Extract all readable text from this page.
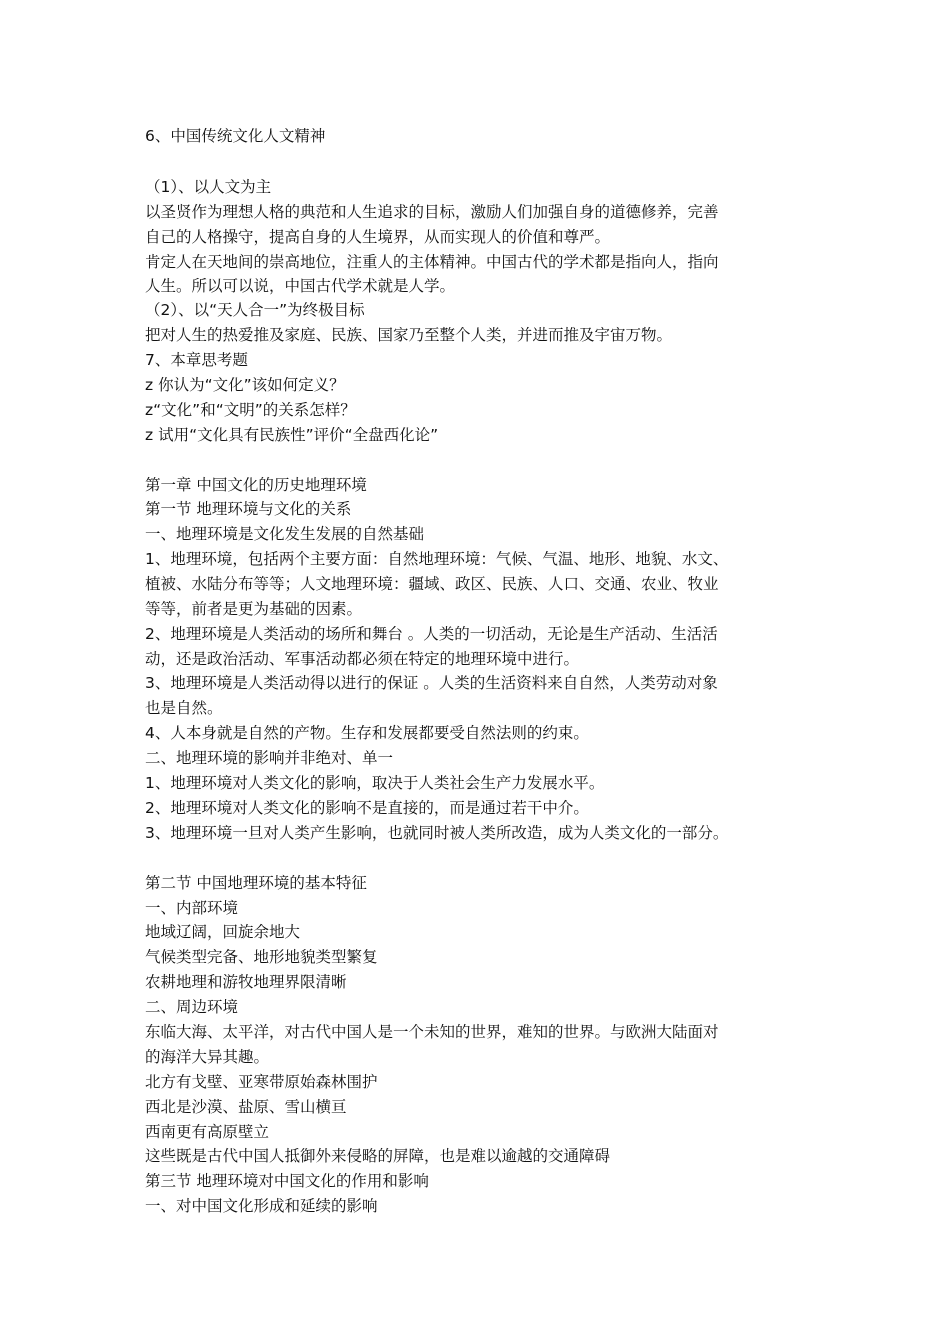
6、中国传统文化人文精神
（1）、以人文为主
以圣贤作为理想人格的典范和人生追求的目标，激励人们加强自身的道德修养，完善
自己的人格操守，提高自身的人生境界，从而实现人的价值和尊严。
肯定人在天地间的崇高地位，注重人的主体精神。中国古代的学术都是指向人，指向
人生。所以可以说，中国古代学术就是人学。
（2）、以“天人合一”为终极目标
把对人生的热爱推及家庭、民族、国家乃至整个人类，并进而推及宇宙万物。
7、本章思考题
z 你认为“文化”该如何定义？
z“文化”和“文明”的关系怎样？
z 试用“文化具有民族性”评价“全盘西化论”
第一章 中国文化的历史地理环境
第一节 地理环境与文化的关系
一、地理环境是文化发生发展的自然基础
1、地理环境，包括两个主要方面：自然地理环境：气候、气温、地形、地貌、水文、
植被、水陆分布等等；人文地理环境：疆域、政区、民族、人口、交通、农业、牧业
等等，前者是更为基础的因素。
2、地理环境是人类活动的场所和舞台 。人类的一切活动，无论是生产活动、生活活
动，还是政治活动、军事活动都必须在特定的地理环境中进行。
3、地理环境是人类活动得以进行的保证 。人类的生活资料来自自然，人类劳动对象
也是自然。
4、人本身就是自然的产物。生存和发展都要受自然法则的约束。
二、地理环境的影响并非绝对、单一
1、地理环境对人类文化的影响，取决于人类社会生产力发展水平。
2、地理环境对人类文化的影响不是直接的，而是通过若干中介。
3、地理环境一旦对人类产生影响，也就同时被人类所改造，成为人类文化的一部分。
第二节 中国地理环境的基本特征
一、内部环境
地域辽阔，回旋余地大
气候类型完备、地形地貌类型繁复
农耕地理和游牧地理界限清晰
二、周边环境
东临大海、太平洋，对古代中国人是一个未知的世界，难知的世界。与欧洲大陆面对
的海洋大异其趣。
北方有戈壁、亚寒带原始森林围护
西北是沙漠、盐原、雪山横亘
西南更有高原壁立
这些既是古代中国人抵御外来侵略的屏障，也是难以逾越的交通障碍
第三节 地理环境对中国文化的作用和影响
一、对中国文化形成和延续的影响
